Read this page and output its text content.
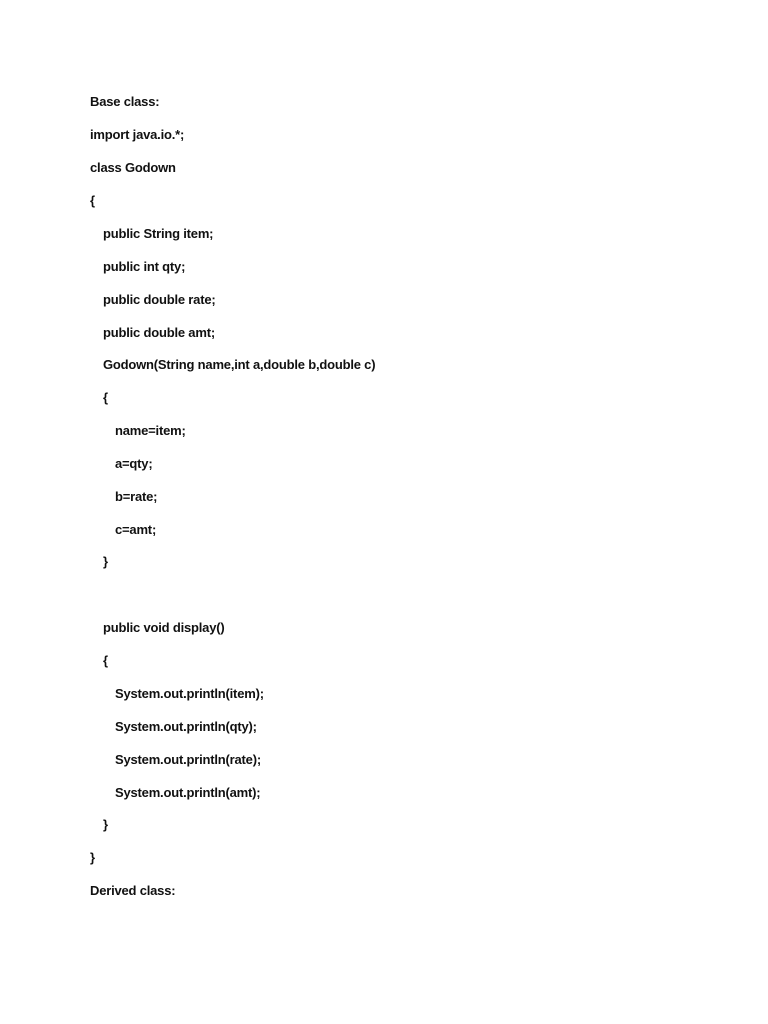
Base class:
import java.io.*;
class Godown
{
public String item;
public int qty;
public double rate;
public double amt;
Godown(String name,int a,double b,double c)
{
name=item;
a=qty;
b=rate;
c=amt;
}
public void display()
{
System.out.println(item);
System.out.println(qty);
System.out.println(rate);
System.out.println(amt);
}
}
Derived class:
